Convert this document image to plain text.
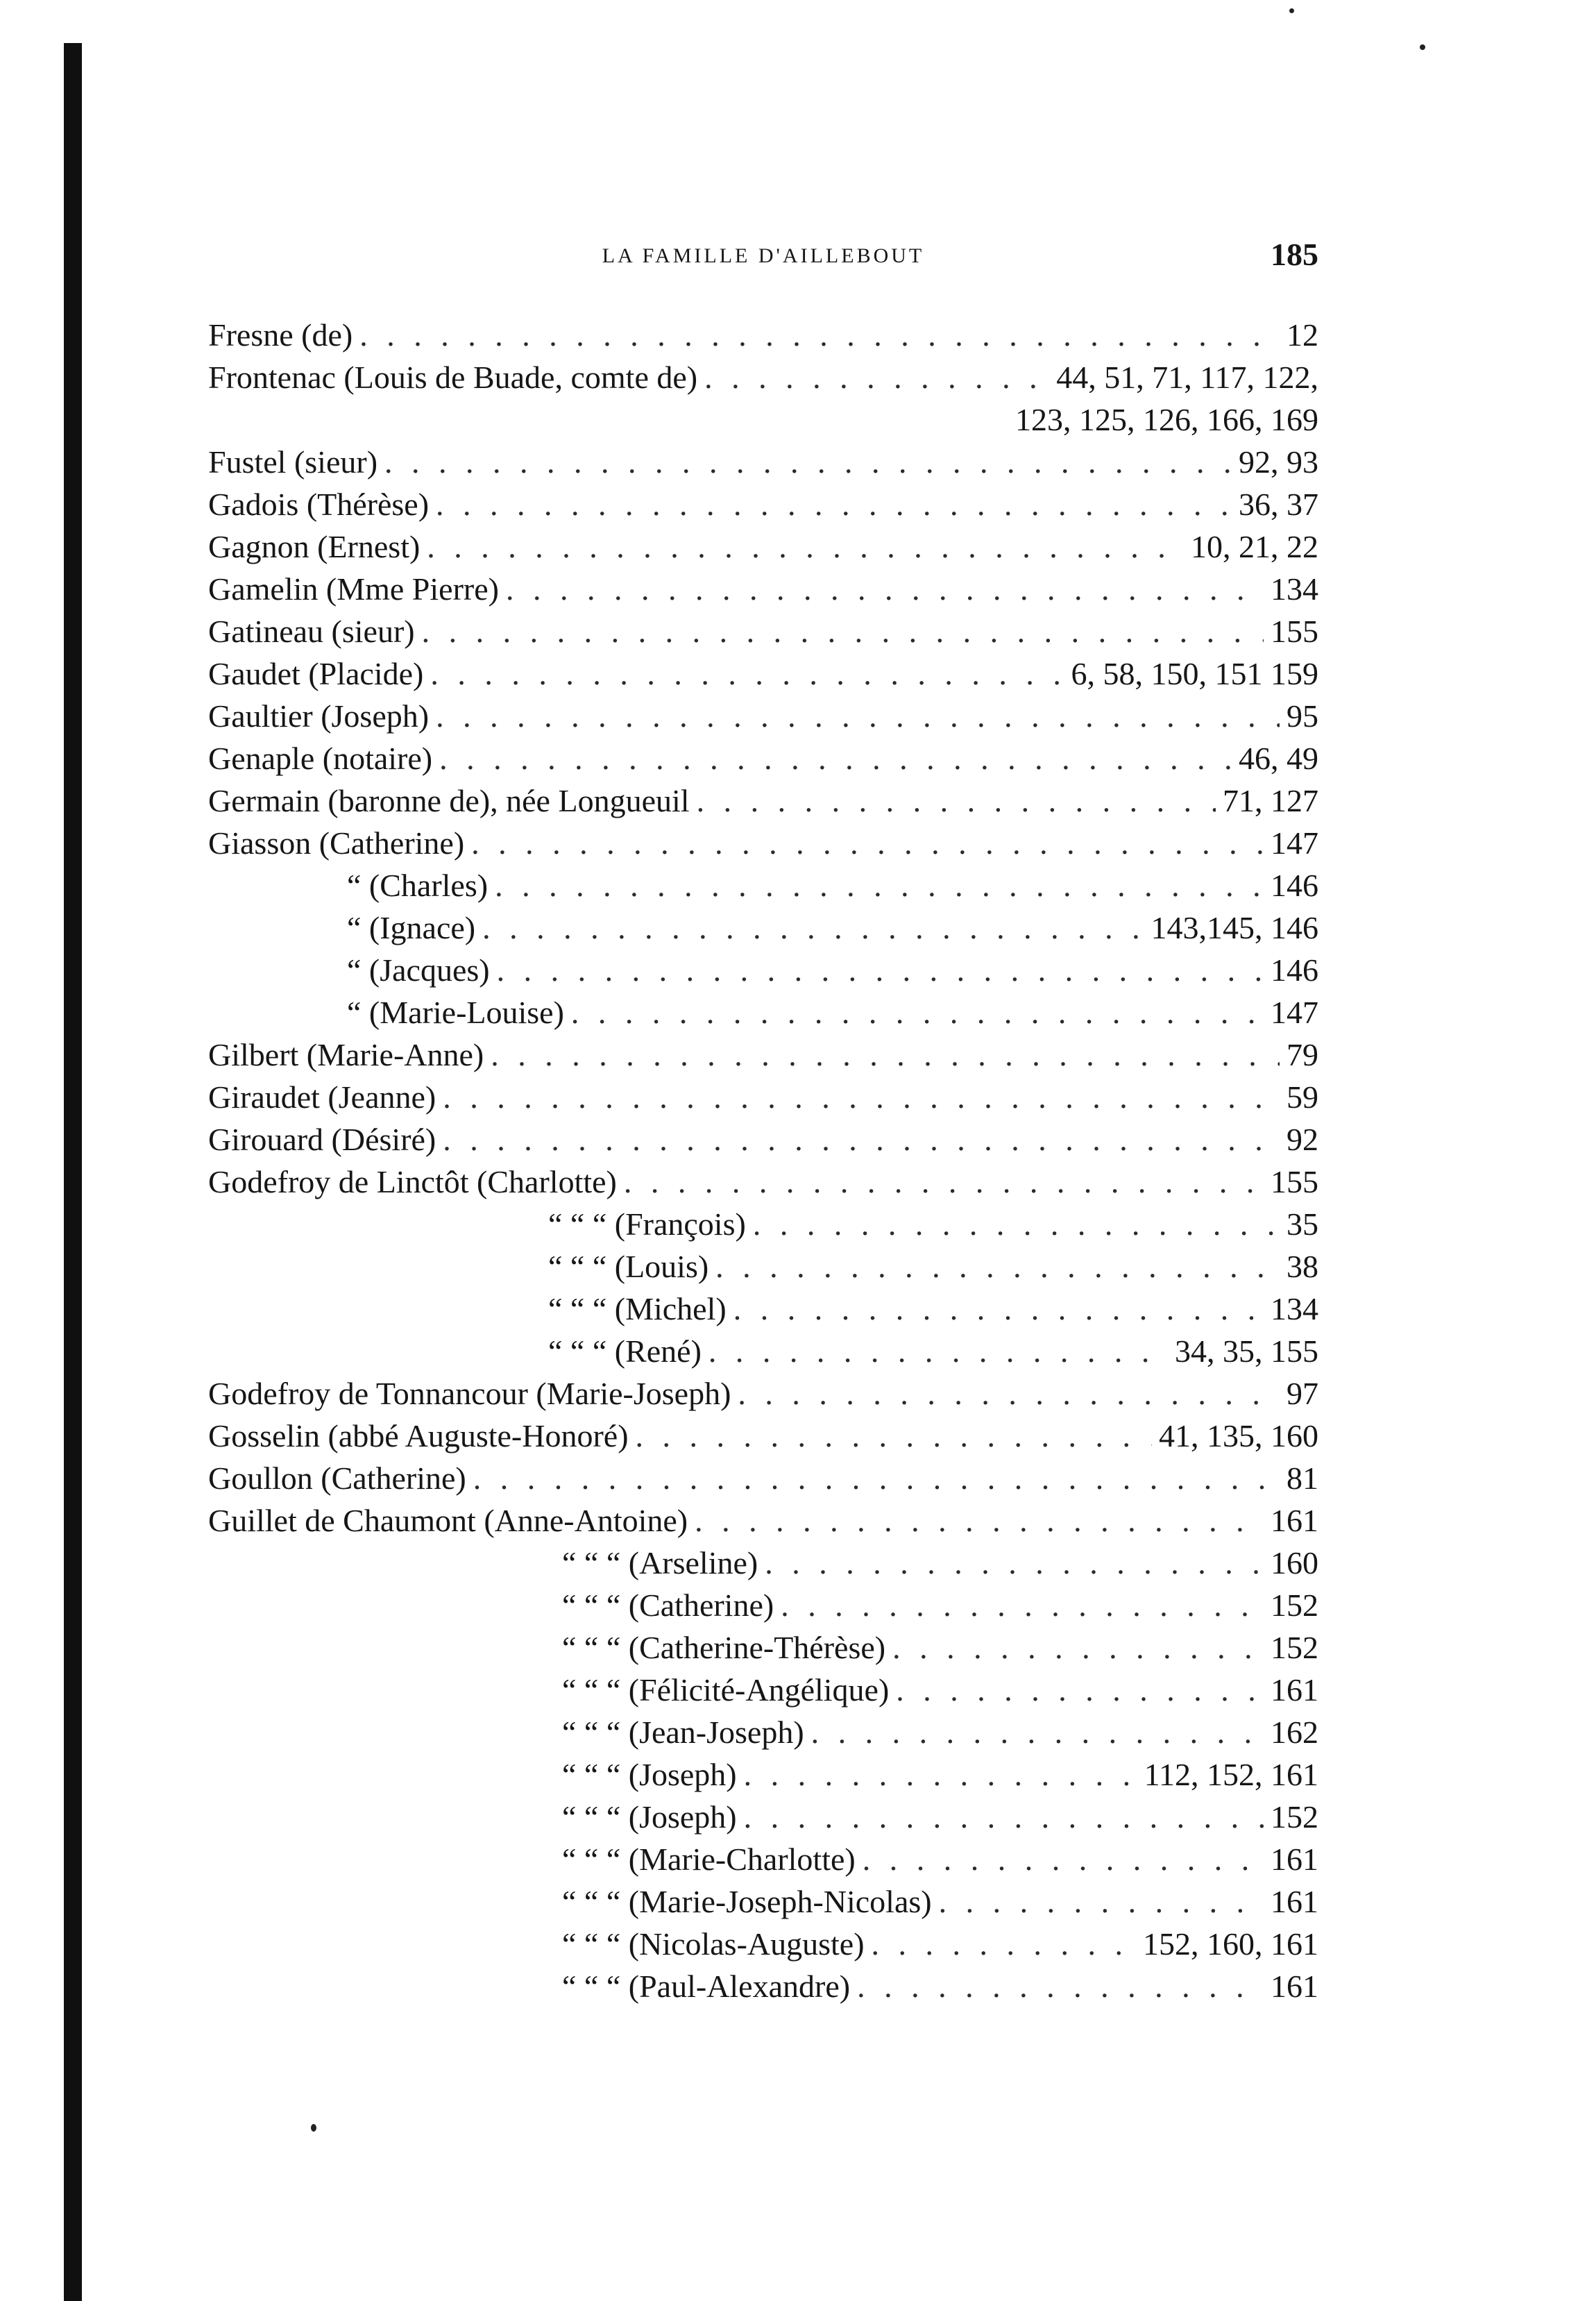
LA FAMILLE D'AILLEBOUT	185
Fresne (de) . . .	12
Frontenac (Louis de Buade, comte de) . . .	44, 51, 71, 117, 122,
123, 125, 126, 166, 169
Fustel (sieur) . . .	92, 93
Gadois (Thérèse) . . .	36, 37
Gagnon (Ernest) . . .	10, 21, 22
Gamelin (Mme Pierre) . . .	134
Gatineau (sieur) . . .	155
Gaudet (Placide) . . .	6, 58, 150, 151 159
Gaultier (Joseph) . . .	95
Genaple (notaire) . . .	46, 49
Germain (baronne de), née Longueuil . . .	71, 127
Giasson (Catherine) . . .	147
“ (Charles) . . .	146
“ (Ignace) . . .	143,145, 146
“ (Jacques) . . .	146
“ (Marie-Louise) . . .	147
Gilbert (Marie-Anne) . . .	79
Giraudet (Jeanne) . . .	59
Girouard (Désiré) . . .	92
Godefroy de Linctôt (Charlotte) . . .	155
“ “ “ (François) . . .	35
“ “ “ (Louis) . . .	38
“ “ “ (Michel) . . .	134
“ “ “ (René) . . .	34, 35, 155
Godefroy de Tonnancour (Marie-Joseph) . . .	97
Gosselin (abbé Auguste-Honoré) . . .	41, 135, 160
Goullon (Catherine) . . .	81
Guillet de Chaumont (Anne-Antoine) . . .	161
“ “ “ (Arseline) . . .	160
“ “ “ (Catherine) . . .	152
“ “ “ (Catherine-Thérèse) . . .	152
“ “ “ (Félicité-Angélique) . . .	161
“ “ “ (Jean-Joseph) . . .	162
“ “ “ (Joseph) . . .	112, 152, 161
“ “ “ (Joseph) . . .	152
“ “ “ (Marie-Charlotte) . . .	161
“ “ “ (Marie-Joseph-Nicolas) . . .	161
“ “ “ (Nicolas-Auguste) . . .	152, 160, 161
“ “ “ (Paul-Alexandre) . . .	161
